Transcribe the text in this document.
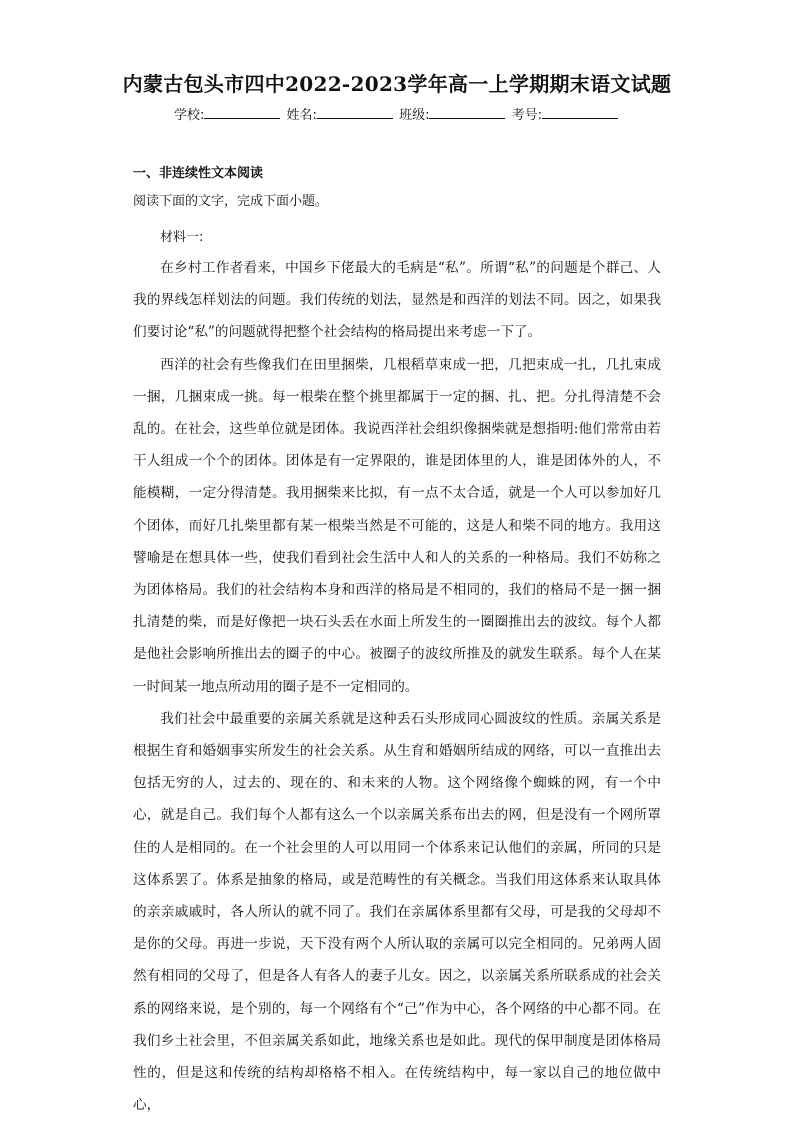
内蒙古包头市四中2022-2023学年高一上学期期末语文试题
学校:	姓名:	班级:	考号:
一、非连续性文本阅读
阅读下面的文字，完成下面小题。
材料一:

在乡村工作者看来，中国乡下佬最大的毛病是“私”。所谓“私”的问题是个群己、人我的界线怎样划法的问题。我们传统的划法，显然是和西洋的划法不同。因之，如果我们要讨论“私”的问题就得把整个社会结构的格局提出来考虑一下了。

西洋的社会有些像我们在田里捆柴，几根稻草束成一把，几把束成一扎，几扎束成一捆，几捆束成一挑。每一根柴在整个挑里都属于一定的捆、扎、把。分扎得清楚不会乱的。在社会，这些单位就是团体。我说西洋社会组织像捆柴就是想指明:他们常常由若干人组成一个个的团体。团体是有一定界限的，谁是团体里的人，谁是团体外的人，不能模糊，一定分得清楚。我用捆柴来比拟，有一点不太合适，就是一个人可以参加好几个团体，而好几扎柴里都有某一根柴当然是不可能的，这是人和柴不同的地方。我用这譬喻是在想具体一些，使我们看到社会生活中人和人的关系的一种格局。我们不妨称之为团体格局。我们的社会结构本身和西洋的格局是不相同的，我们的格局不是一捆一捆扎清楚的柴，而是好像把一块石头丢在水面上所发生的一圈圈推出去的波纹。每个人都是他社会影响所推出去的圈子的中心。被圈子的波纹所推及的就发生联系。每个人在某一时间某一地点所动用的圈子是不一定相同的。

我们社会中最重要的亲属关系就是这种丢石头形成同心圆波纹的性质。亲属关系是根据生育和婚姻事实所发生的社会关系。从生育和婚姻所结成的网络，可以一直推出去包括无穷的人，过去的、现在的、和未来的人物。这个网络像个蜘蛛的网，有一个中心，就是自己。我们每个人都有这么一个以亲属关系布出去的网，但是没有一个网所罩住的人是相同的。在一个社会里的人可以用同一个体系来记认他们的亲属，所同的只是这体系罢了。体系是抽象的格局，或是范畴性的有关概念。当我们用这体系来认取具体的亲亲戚戚时，各人所认的就不同了。我们在亲属体系里都有父母，可是我的父母却不是你的父母。再进一步说，天下没有两个人所认取的亲属可以完全相同的。兄弟两人固然有相同的父母了，但是各人有各人的妻子儿女。因之，以亲属关系所联系成的社会关系的网络来说，是个别的，每一个网络有个“己”作为中心，各个网络的中心都不同。在我们乡土社会里，不但亲属关系如此，地缘关系也是如此。现代的保甲制度是团体格局性的，但是这和传统的结构却格格不相入。在传统结构中，每一家以自己的地位做中心，
